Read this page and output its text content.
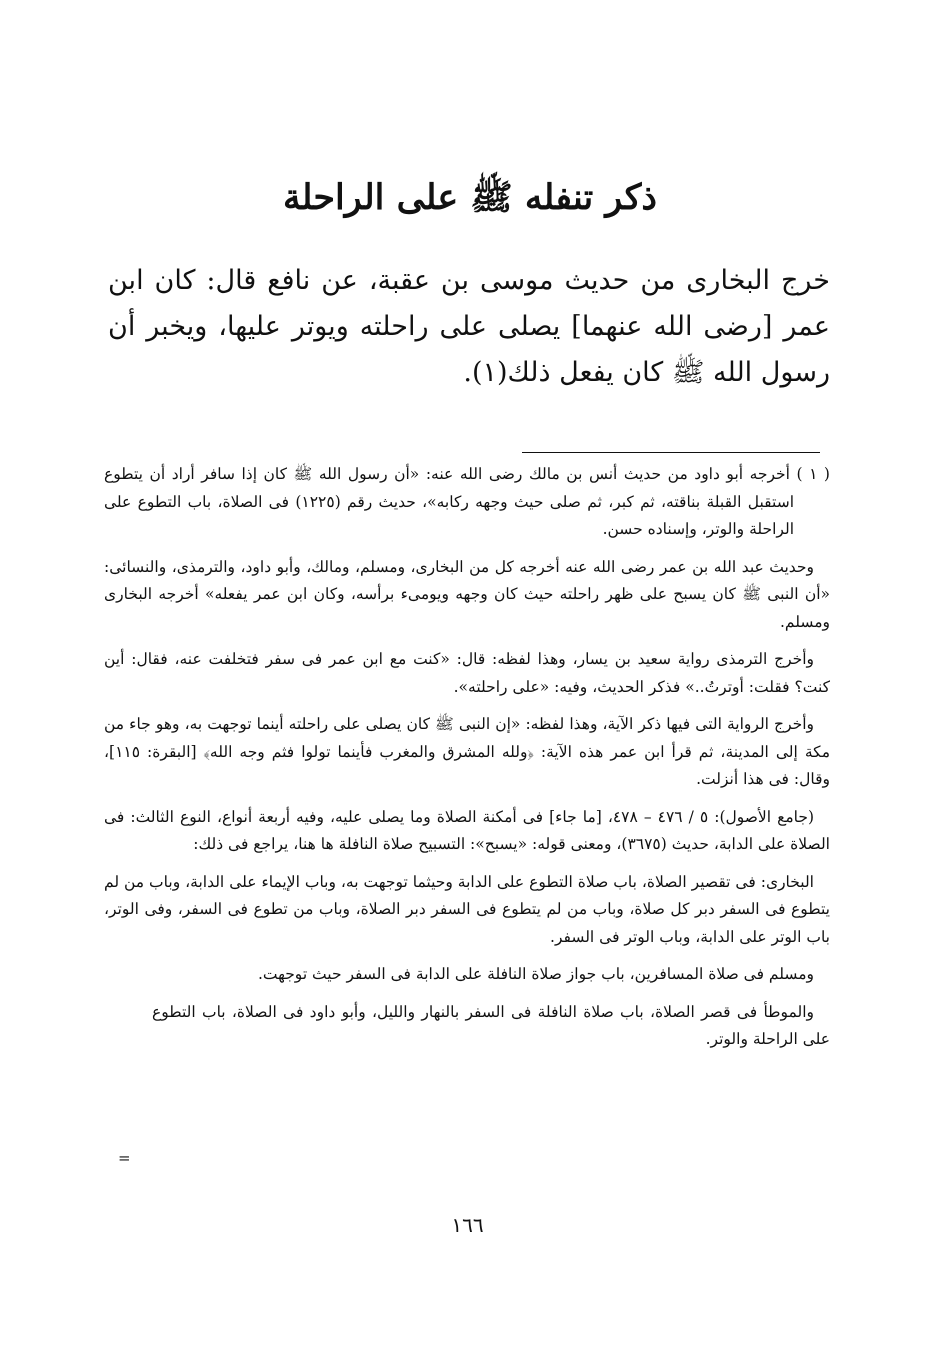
ذكر تنفله ﷺ على الراحلة
خرج البخارى من حديث موسى بن عقبة، عن نافع قال: كان ابن عمر [رضى الله عنهما] يصلى على راحلته ويوتر عليها، ويخبر أن رسول الله ﷺ كان يفعل ذلك(١).

( ١ ) أخرجه أبو داود من حديث أنس بن مالك رضى الله عنه: «أن رسول الله ﷺ كان إذا سافر أراد أن يتطوع استقبل القبلة بناقته، ثم كبر، ثم صلى حيث وجهه ركابه»، حديث رقم (١٢٢٥) فى الصلاة، باب التطوع على الراحلة والوتر، وإسناده حسن.

وحديث عبد الله بن عمر رضى الله عنه أخرجه كل من البخارى، ومسلم، ومالك، وأبو داود، والترمذى، والنسائى: «أن النبى ﷺ كان يسبح على ظهر راحلته حيث كان وجهه ويومىء برأسه، وكان ابن عمر يفعله» أخرجه البخارى ومسلم.

وأخرج الترمذى رواية سعيد بن يسار، وهذا لفظه: قال: «كنت مع ابن عمر فى سفر فتخلفت عنه، فقال: أين كنت؟ فقلت: أوترتُ..» فذكر الحديث، وفيه: «على راحلته».

وأخرج الرواية التى فيها ذكر الآية، وهذا لفظه: «إن النبى ﷺ كان يصلى على راحلته أينما توجهت به، وهو جاء من مكة إلى المدينة، ثم قرأ ابن عمر هذه الآية: ﴿ولله المشرق والمغرب فأينما تولوا فثم وجه الله﴾ [البقرة: ١١٥]، وقال: فى هذا أنزلت.

(جامع الأصول): ٥ / ٤٧٦ – ٤٧٨، [ما جاء] فى أمكنة الصلاة وما يصلى عليه، وفيه أربعة أنواع، النوع الثالث: فى الصلاة على الدابة، حديث (٣٦٧٥)، ومعنى قوله: «يسبح»: التسبيح صلاة النافلة ها هنا، يراجع فى ذلك:

البخارى: فى تقصير الصلاة، باب صلاة التطوع على الدابة وحيثما توجهت به، وباب الإيماء على الدابة، وباب من لم يتطوع فى السفر دبر كل صلاة، وباب من لم يتطوع فى السفر دبر الصلاة، وباب من تطوع فى السفر، وفى الوتر، باب الوتر على الدابة، وباب الوتر فى السفر.

ومسلم فى صلاة المسافرين، باب جواز صلاة النافلة على الدابة فى السفر حيث توجهت.

والموطأ فى قصر الصلاة، باب صلاة النافلة فى السفر بالنهار والليل، وأبو داود فى الصلاة، باب التطوع على الراحلة والوتر.

=
١٦٦
